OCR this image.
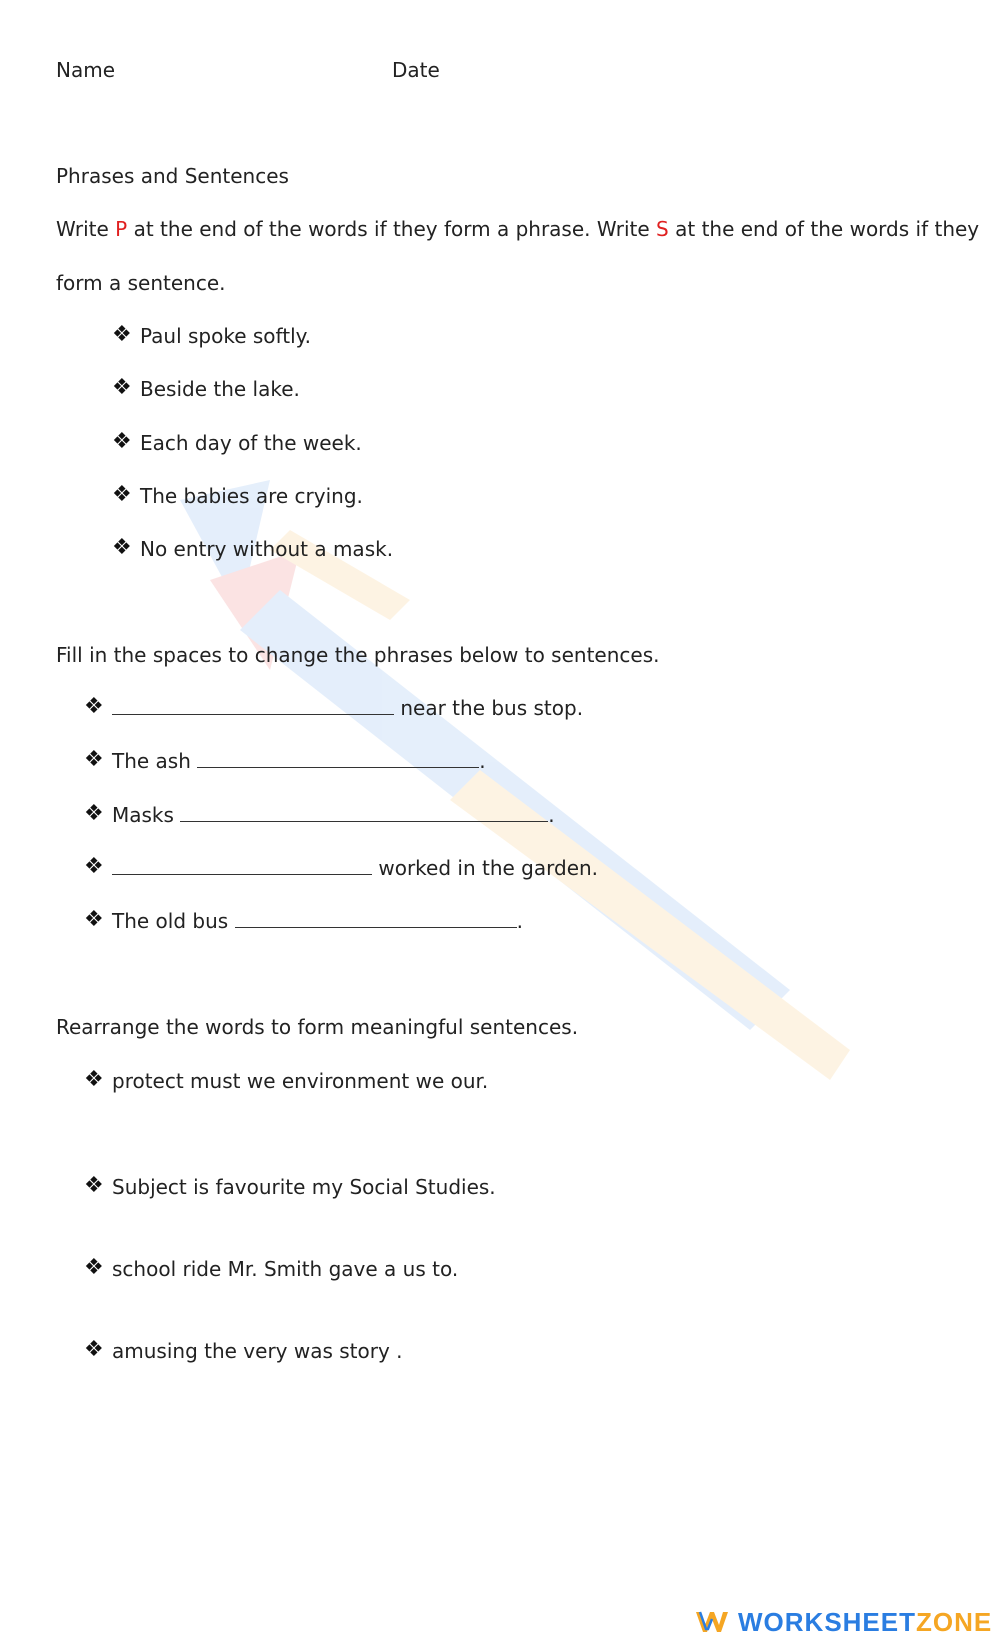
Name	Date
Phrases and Sentences
Write P at the end of the words if they form a phrase. Write S at the end of the words if they
form a sentence.
❖ Paul spoke softly.
❖ Beside the lake.
❖ Each day of the week.
❖ The babies are crying.
❖ No entry without a mask.
Fill in the spaces to change the phrases below to sentences.
❖	near the bus stop.
❖ The ash	.
❖ Masks	.
❖	worked in the garden.
❖ The old bus	.
Rearrange the words to form meaningful sentences.
❖ protect must we environment we our.
❖ Subject is favourite my Social Studies.
❖ school ride Mr. Smith gave a us to.
❖ amusing the very was story .
WORKSHEETZONE
